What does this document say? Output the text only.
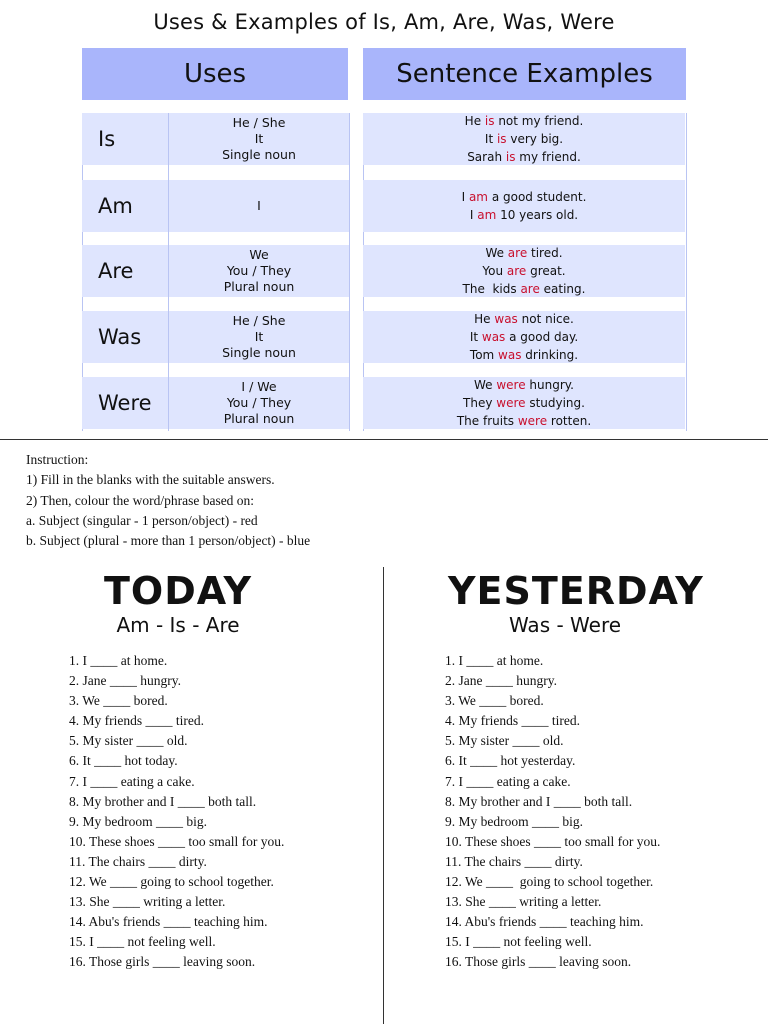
Uses & Examples of Is, Am, Are, Was, Were
Uses	Sentence Examples
Is
He / She
It
Single noun
He is not my friend.
It is very big.
Sarah is my friend.
Am	I
I am a good student.
I am 10 years old.
Are
We
You / They
Plural noun
We are tired.
You are great.
The  kids are eating.
Was
He / She
It
Single noun
He was not nice.
It was a good day.
Tom was drinking.
Were
I / We
You / They
Plural noun
We were hungry.
They were studying.
The fruits were rotten.
Instruction:
1) Fill in the blanks with the suitable answers.
2) Then, colour the word/phrase based on:
a. Subject (singular - 1 person/object) - red
b. Subject (plural - more than 1 person/object) - blue
TODAY
Am - Is - Are
YESTERDAY
Was - Were
1. I ____ at home.
2. Jane ____ hungry.
3. We ____ bored.
4. My friends ____ tired.
5. My sister ____ old.
6. It ____ hot today.
7. I ____ eating a cake.
8. My brother and I ____ both tall.
9. My bedroom ____ big.
10. These shoes ____ too small for you.
11. The chairs ____ dirty.
12. We ____ going to school together.
13. She ____ writing a letter.
14. Abu's friends ____ teaching him.
15. I ____ not feeling well.
16. Those girls ____ leaving soon.
1. I ____ at home.
2. Jane ____ hungry.
3. We ____ bored.
4. My friends ____ tired.
5. My sister ____ old.
6. It ____ hot yesterday.
7. I ____ eating a cake.
8. My brother and I ____ both tall.
9. My bedroom ____ big.
10. These shoes ____ too small for you.
11. The chairs ____ dirty.
12. We ____  going to school together.
13. She ____ writing a letter.
14. Abu's friends ____ teaching him.
15. I ____ not feeling well.
16. Those girls ____ leaving soon.
